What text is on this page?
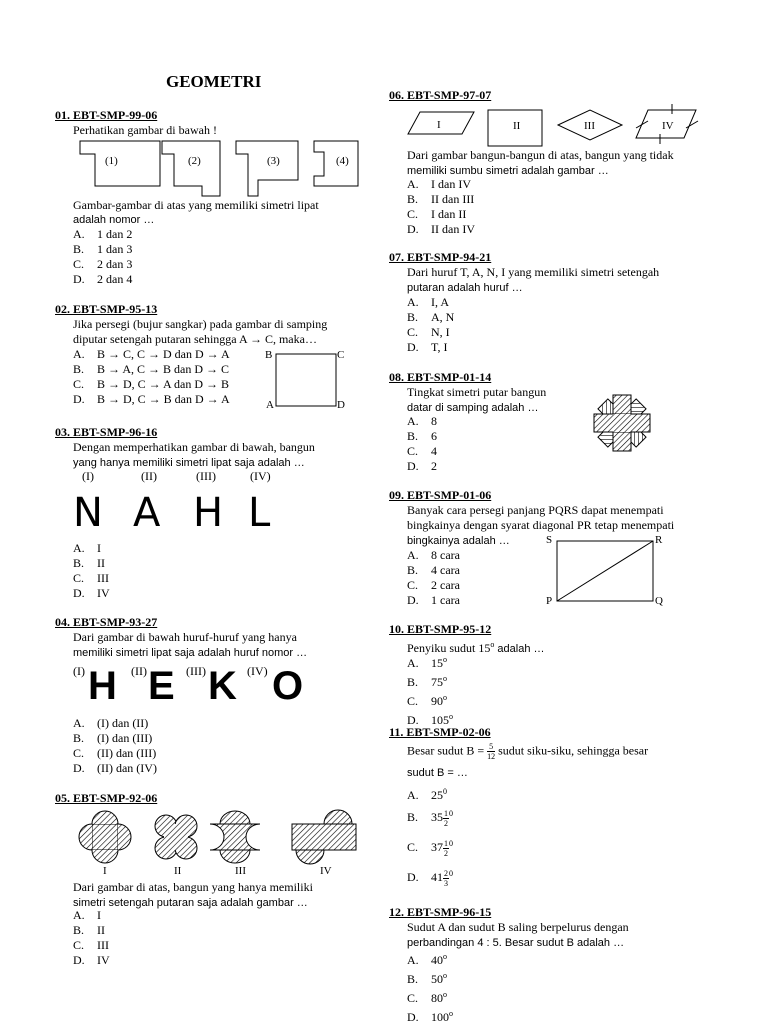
GEOMETRI
01. EBT-SMP-99-06
Perhatikan gambar di bawah !
(1)	(2)	(3)	(4)
Gambar-gambar di atas yang memiliki simetri lipat
adalah nomor …
A. 1 dan 2
B. 1 dan 3
C. 2 dan 3
D. 2 dan 4
02. EBT-SMP-95-13
Jika persegi (bujur sangkar) pada gambar di samping
diputar setengah putaran sehingga A → C, maka…
A. B → C, C → D dan D → A
B. B → A, C → B dan D → C
C. B → D, C → A dan D → B
D. B → D, C → B dan D → A
B	C
A	D
03. EBT-SMP-96-16
Dengan memperhatikan gambar di bawah, bangun
yang hanya memiliki simetri lipat saja adalah …
(I)	(II)	(III)	(IV)
N A H L
A. I
B. II
C. III
D. IV
04. EBT-SMP-93-27
Dari gambar di bawah huruf-huruf yang hanya
memiliki simetri lipat saja adalah huruf nomor …
(I)	(II)	(III)	(IV)
H E K O
A. (I) dan (II)
B. (I) dan (III)
C. (II) dan (III)
D. (II) dan (IV)
05. EBT-SMP-92-06
I	II	III	IV
Dari gambar di atas, bangun yang hanya memiliki
simetri setengah putaran saja adalah gambar …
A. I
B. II
C. III
D. IV
06. EBT-SMP-97-07
I	II	III	IV
Dari gambar bangun-bangun di atas, bangun yang tidak
memiliki sumbu simetri adalah gambar …
A. I dan IV
B. II dan III
C. I dan II
D. II dan IV
07. EBT-SMP-94-21
Dari huruf T, A, N, I yang memiliki simetri setengah
putaran adalah huruf …
A. I, A
B. A, N
C. N, I
D. T, I
08. EBT-SMP-01-14
Tingkat simetri putar bangun
datar di samping adalah …
A. 8
B. 6
C. 4
D. 2
09. EBT-SMP-01-06
Banyak cara persegi panjang PQRS dapat menempati
bingkainya dengan syarat diagonal PR tetap menempati
bingkainya adalah …
A. 8 cara
B. 4 cara
C. 2 cara
D. 1 cara
S	R
P	Q
10. EBT-SMP-95-12
Penyiku sudut 15$^o$ adalah …
A. 15$^o$
B. 75$^o$
C. 90$^o$
D. 105$^o$
11. EBT-SMP-02-06
Besar sudut $B = \frac{5}{12}$ sudut siku-siku, sehingga besar
sudut B = …
A. $25^0$
B. $35 \frac{1}{2} ^0$
C. $37 \frac{1}{2} ^0$
D. $41 \frac{2}{3} ^0$
12. EBT-SMP-96-15
Sudut A dan sudut B saling berpelurus dengan
perbandingan 4 : 5. Besar sudut B adalah …
A. 40$^o$
B. 50$^o$
C. 80$^o$
D. 100$^o$
